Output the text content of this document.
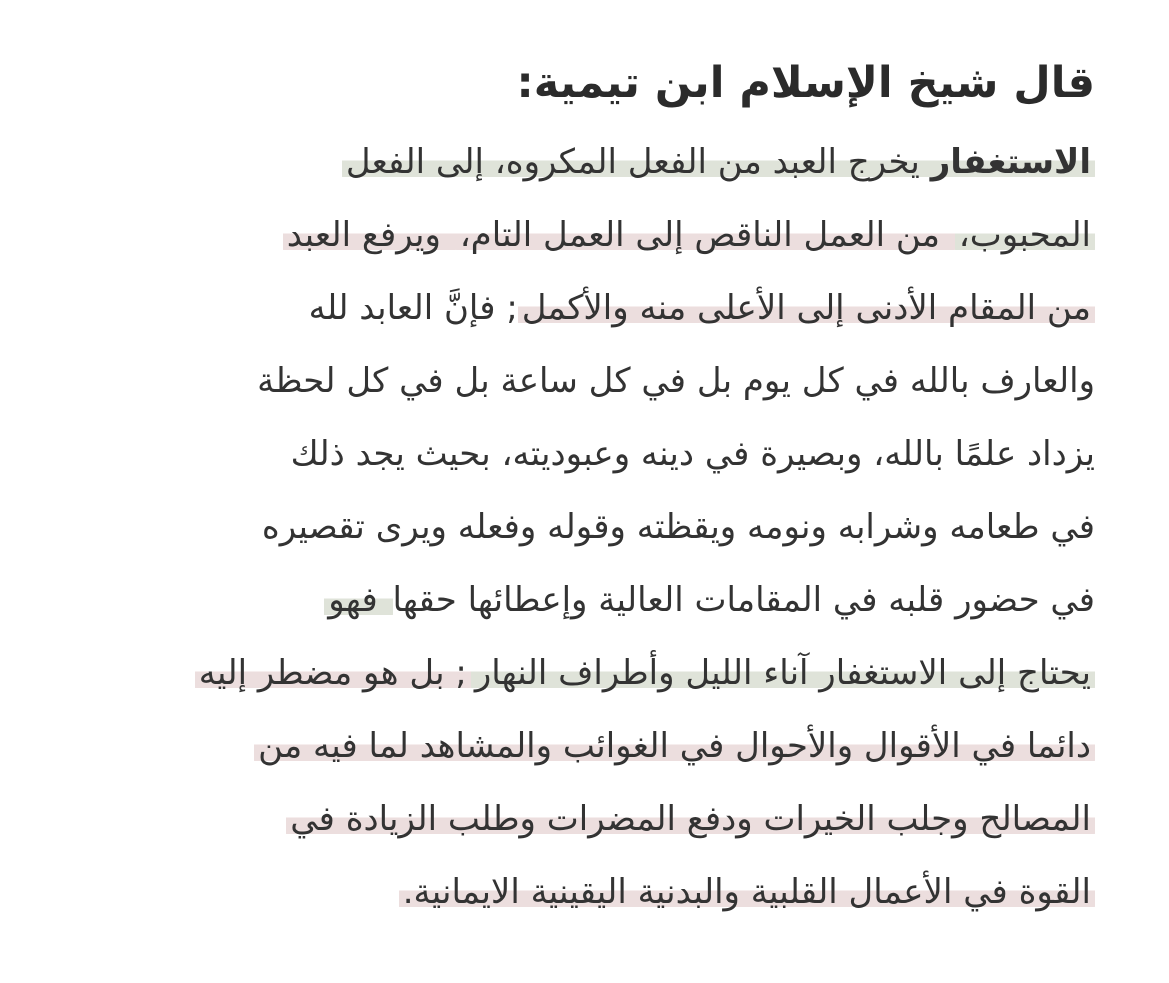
قال شيخ الإسلام ابن تيمية:
الاستغفار يخرج العبد من الفعل المكروه، إلى الفعل
المحبوب، من العمل الناقص إلى العمل التام، ويرفع العبد
من المقام الأدنى إلى الأعلى منه والأكمل; فإنَّ العابد لله
والعارف بالله في كل يوم بل في كل ساعة بل في كل لحظة
يزداد علمًا بالله، وبصيرة في دينه وعبوديته، بحيث يجد ذلك
في طعامه وشرابه ونومه ويقظته وقوله وفعله ويرى تقصيره
في حضور قلبه في المقامات العالية وإعطائها حقها فهو
يحتاج إلى الاستغفار آناء الليل وأطراف النهار; بل هو مضطر إليه
دائما في الأقوال والأحوال في الغوائب والمشاهد لما فيه من
المصالح وجلب الخيرات ودفع المضرات وطلب الزيادة في
القوة في الأعمال القلبية والبدنية اليقينية الايمانية.
